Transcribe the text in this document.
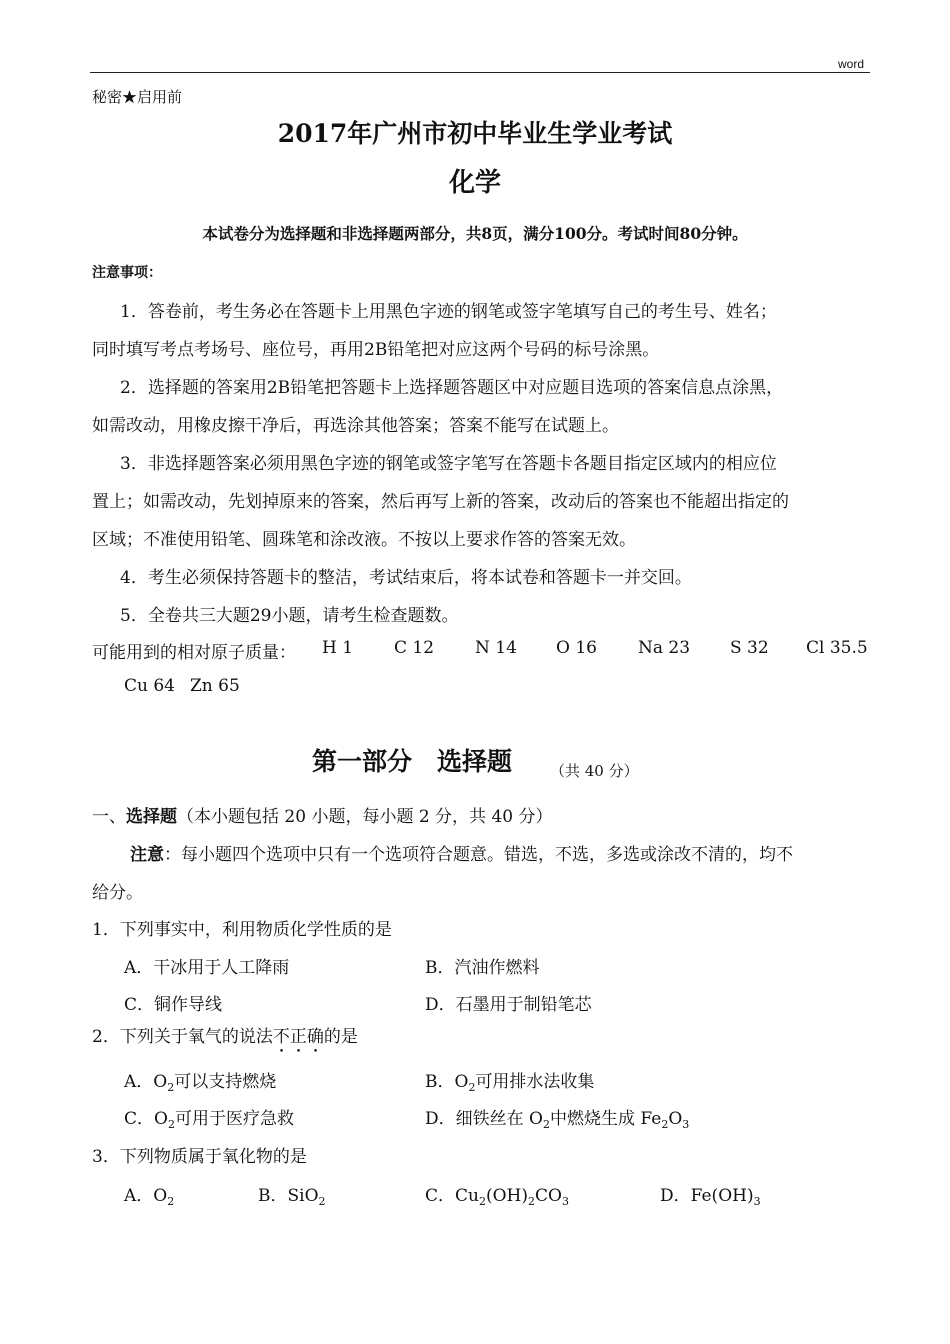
word
秘密★启用前
2017年广州市初中毕业生学业考试
化学
本试卷分为选择题和非选择题两部分，共8页，满分100分。考试时间80分钟。
注意事项：
1．答卷前，考生务必在答题卡上用黑色字迹的钢笔或签字笔填写自己的考生号、姓名；
同时填写考点考场号、座位号，再用2B铅笔把对应这两个号码的标号涂黑。
2．选择题的答案用2B铅笔把答题卡上选择题答题区中对应题目选项的答案信息点涂黑，
如需改动，用橡皮擦干净后，再选涂其他答案；答案不能写在试题上。
3．非选择题答案必须用黑色字迹的钢笔或签字笔写在答题卡各题目指定区域内的相应位
置上；如需改动，先划掉原来的答案，然后再写上新的答案，改动后的答案也不能超出指定的
区域；不准使用铅笔、圆珠笔和涂改液。不按以上要求作答的答案无效。
4．考生必须保持答题卡的整洁，考试结束后，将本试卷和答题卡一并交回。
5．全卷共三大题29小题，请考生检查题数。
可能用到的相对原子质量： H 1 C 12 N 14 O 16 Na 23 S 32 Cl 35.5
Cu 64 Zn 65
第一部分　选择题	（共 40 分）
一、选择题（本小题包括 20 小题，每小题 2 分，共 40 分）
注意：每小题四个选项中只有一个选项符合题意。错选，不选，多选或涂改不清的，均不
给分。
1．下列事实中，利用物质化学性质的是
A．干冰用于人工降雨	B．汽油作燃料
C．铜作导线	D．石墨用于制铅笔芯
2．下列关于氧气的说法不正确的是
A．$O_2$可以支持燃烧	B．$O_2$可用排水法收集
C．$O_2$可用于医疗急救	D．细铁丝在 $O_2$中燃烧生成 $Fe_2O_3$
3．下列物质属于氧化物的是
A．$O_2$	B．SiO$_2$	C．$Cu_2(OH)_2CO_3$	D．$Fe(OH)_3$
